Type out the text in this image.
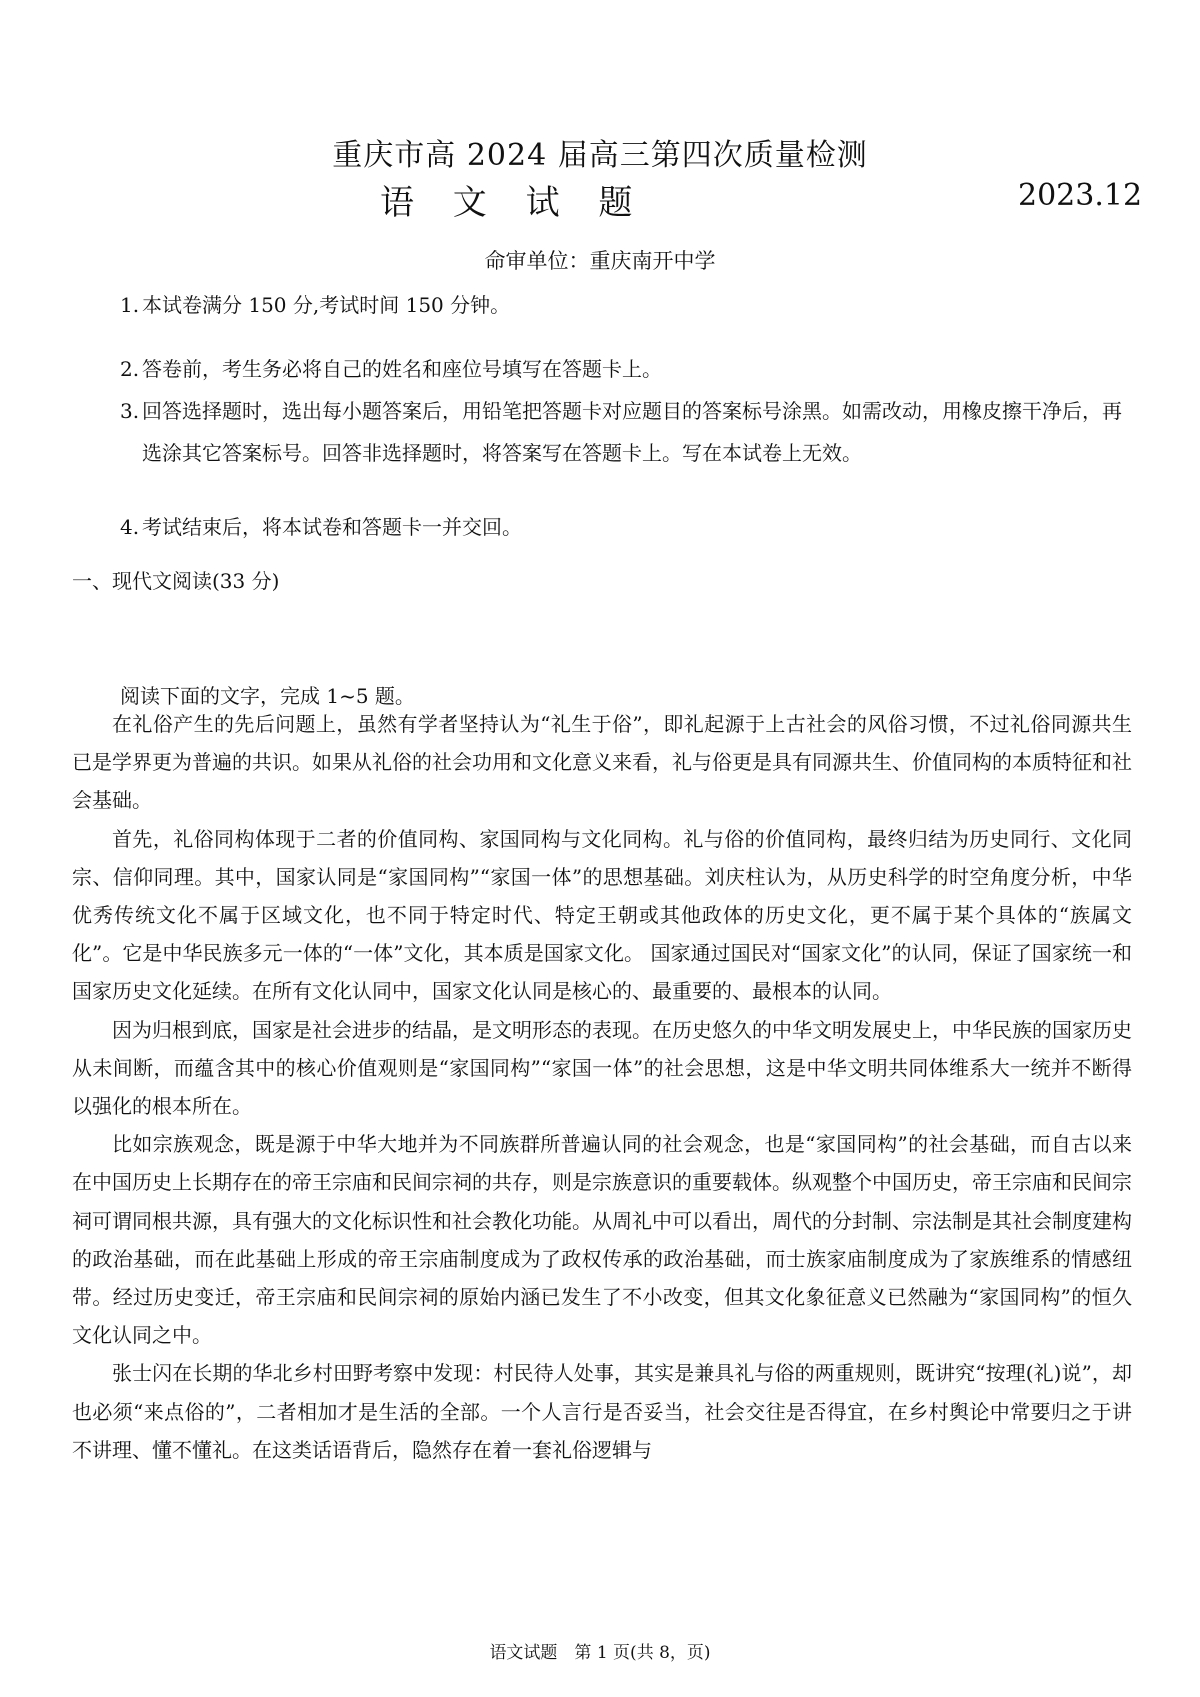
重庆市高 2024 届高三第四次质量检测
语 文 试 题	2023.12
命审单位：重庆南开中学
1. 本试卷满分 150 分,考试时间 150 分钟。
2. 答卷前，考生务必将自己的姓名和座位号填写在答题卡上。
3. 回答选择题时，选出每小题答案后，用铅笔把答题卡对应题目的答案标号涂黑。如需改动，用橡皮擦干净后，再选涂其它答案标号。回答非选择题时，将答案写在答题卡上。写在本试卷上无效。
4. 考试结束后，将本试卷和答题卡一并交回。
一、现代文阅读(33 分)
阅读下面的文字，完成 1~5 题。

在礼俗产生的先后问题上，虽然有学者坚持认为“礼生于俗”，即礼起源于上古社会的风俗习惯，不过礼俗同源共生已是学界更为普遍的共识。如果从礼俗的社会功用和文化意义来看，礼与俗更是具有同源共生、价值同构的本质特征和社会基础。

首先，礼俗同构体现于二者的价值同构、家国同构与文化同构。礼与俗的价值同构，最终归结为历史同行、文化同宗、信仰同理。其中，国家认同是“家国同构”“家国一体”的思想基础。刘庆柱认为，从历史科学的时空角度分析，中华优秀传统文化不属于区域文化，也不同于特定时代、特定王朝或其他政体的历史文化，更不属于某个具体的“族属文化”。它是中华民族多元一体的“一体”文化，其本质是国家文化。 国家通过国民对“国家文化”的认同，保证了国家统一和国家历史文化延续。在所有文化认同中，国家文化认同是核心的、最重要的、最根本的认同。

因为归根到底，国家是社会进步的结晶，是文明形态的表现。在历史悠久的中华文明发展史上，中华民族的国家历史从未间断，而蕴含其中的核心价值观则是“家国同构”“家国一体”的社会思想，这是中华文明共同体维系大一统并不断得以强化的根本所在。

比如宗族观念，既是源于中华大地并为不同族群所普遍认同的社会观念，也是“家国同构”的社会基础，而自古以来在中国历史上长期存在的帝王宗庙和民间宗祠的共存，则是宗族意识的重要载体。纵观整个中国历史，帝王宗庙和民间宗祠可谓同根共源，具有强大的文化标识性和社会教化功能。从周礼中可以看出，周代的分封制、宗法制是其社会制度建构的政治基础，而在此基础上形成的帝王宗庙制度成为了政权传承的政治基础，而士族家庙制度成为了家族维系的情感纽带。经过历史变迁，帝王宗庙和民间宗祠的原始内涵已发生了不小改变，但其文化象征意义已然融为“家国同构”的恒久文化认同之中。

张士闪在长期的华北乡村田野考察中发现：村民待人处事，其实是兼具礼与俗的两重规则，既讲究“按理(礼)说”，却也必须“来点俗的”，二者相加才是生活的全部。一个人言行是否妥当，社会交往是否得宜，在乡村舆论中常要归之于讲不讲理、懂不懂礼。在这类话语背后，隐然存在着一套礼俗逻辑与

语文试题　第 1 页(共 8，页)
